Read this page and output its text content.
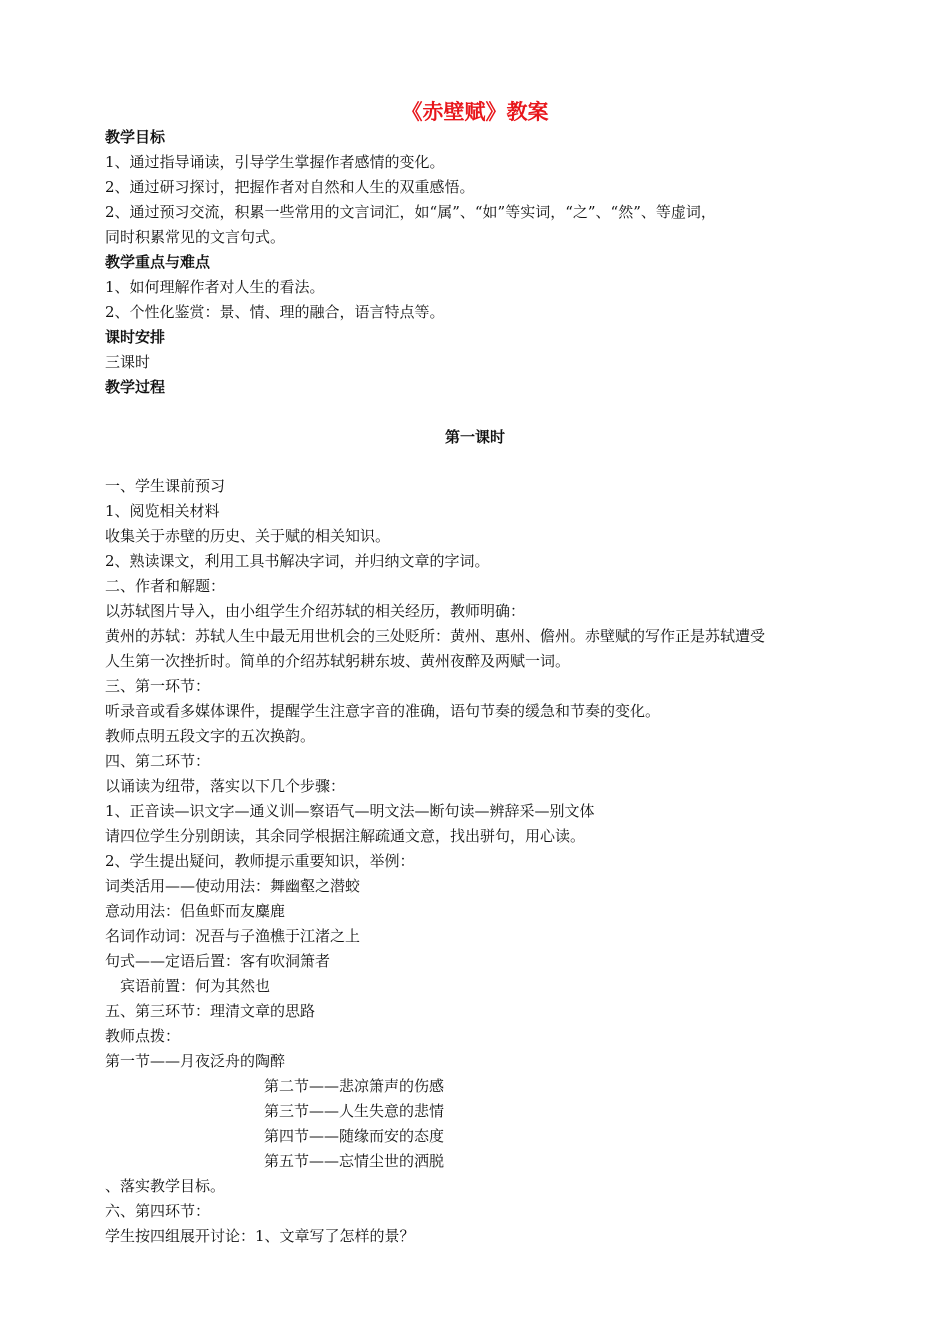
《赤壁赋》教案

教学目标

1、通过指导诵读，引导学生掌握作者感情的变化。

2、通过研习探讨，把握作者对自然和人生的双重感悟。

2、通过预习交流，积累一些常用的文言词汇，如“属”、“如”等实词，“之”、“然”、等虚词，

同时积累常见的文言句式。

教学重点与难点

1、如何理解作者对人生的看法。

2、个性化鉴赏：景、情、理的融合，语言特点等。

课时安排

三课时

教学过程

第一课时

一、学生课前预习

1、阅览相关材料

收集关于赤壁的历史、关于赋的相关知识。

2、熟读课文，利用工具书解决字词，并归纳文章的字词。

二、作者和解题：

以苏轼图片导入，由小组学生介绍苏轼的相关经历，教师明确：

黄州的苏轼：苏轼人生中最无用世机会的三处贬所：黄州、惠州、儋州。赤壁赋的写作正是苏轼遭受

人生第一次挫折时。简单的介绍苏轼躬耕东坡、黄州夜醉及两赋一词。

三、第一环节：

听录音或看多媒体课件，提醒学生注意字音的准确，语句节奏的缓急和节奏的变化。

教师点明五段文字的五次换韵。

四、第二环节：

以诵读为纽带，落实以下几个步骤：

1、正音读—识文字—通义训—察语气—明文法—断句读—辨辞采—别文体

请四位学生分别朗读，其余同学根据注解疏通文意，找出骈句，用心读。

2、学生提出疑问，教师提示重要知识，举例：

词类活用——使动用法：舞幽壑之潜蛟

意动用法：侣鱼虾而友麋鹿

名词作动词：况吾与子渔樵于江渚之上

句式——定语后置：客有吹洞箫者

宾语前置：何为其然也

五、第三环节：理清文章的思路

教师点拨：

第一节——月夜泛舟的陶醉

第二节——悲凉箫声的伤感

第三节——人生失意的悲情

第四节——随缘而安的态度

第五节——忘情尘世的洒脱

、落实教学目标。

六、第四环节：

学生按四组展开讨论：1、文章写了怎样的景？
